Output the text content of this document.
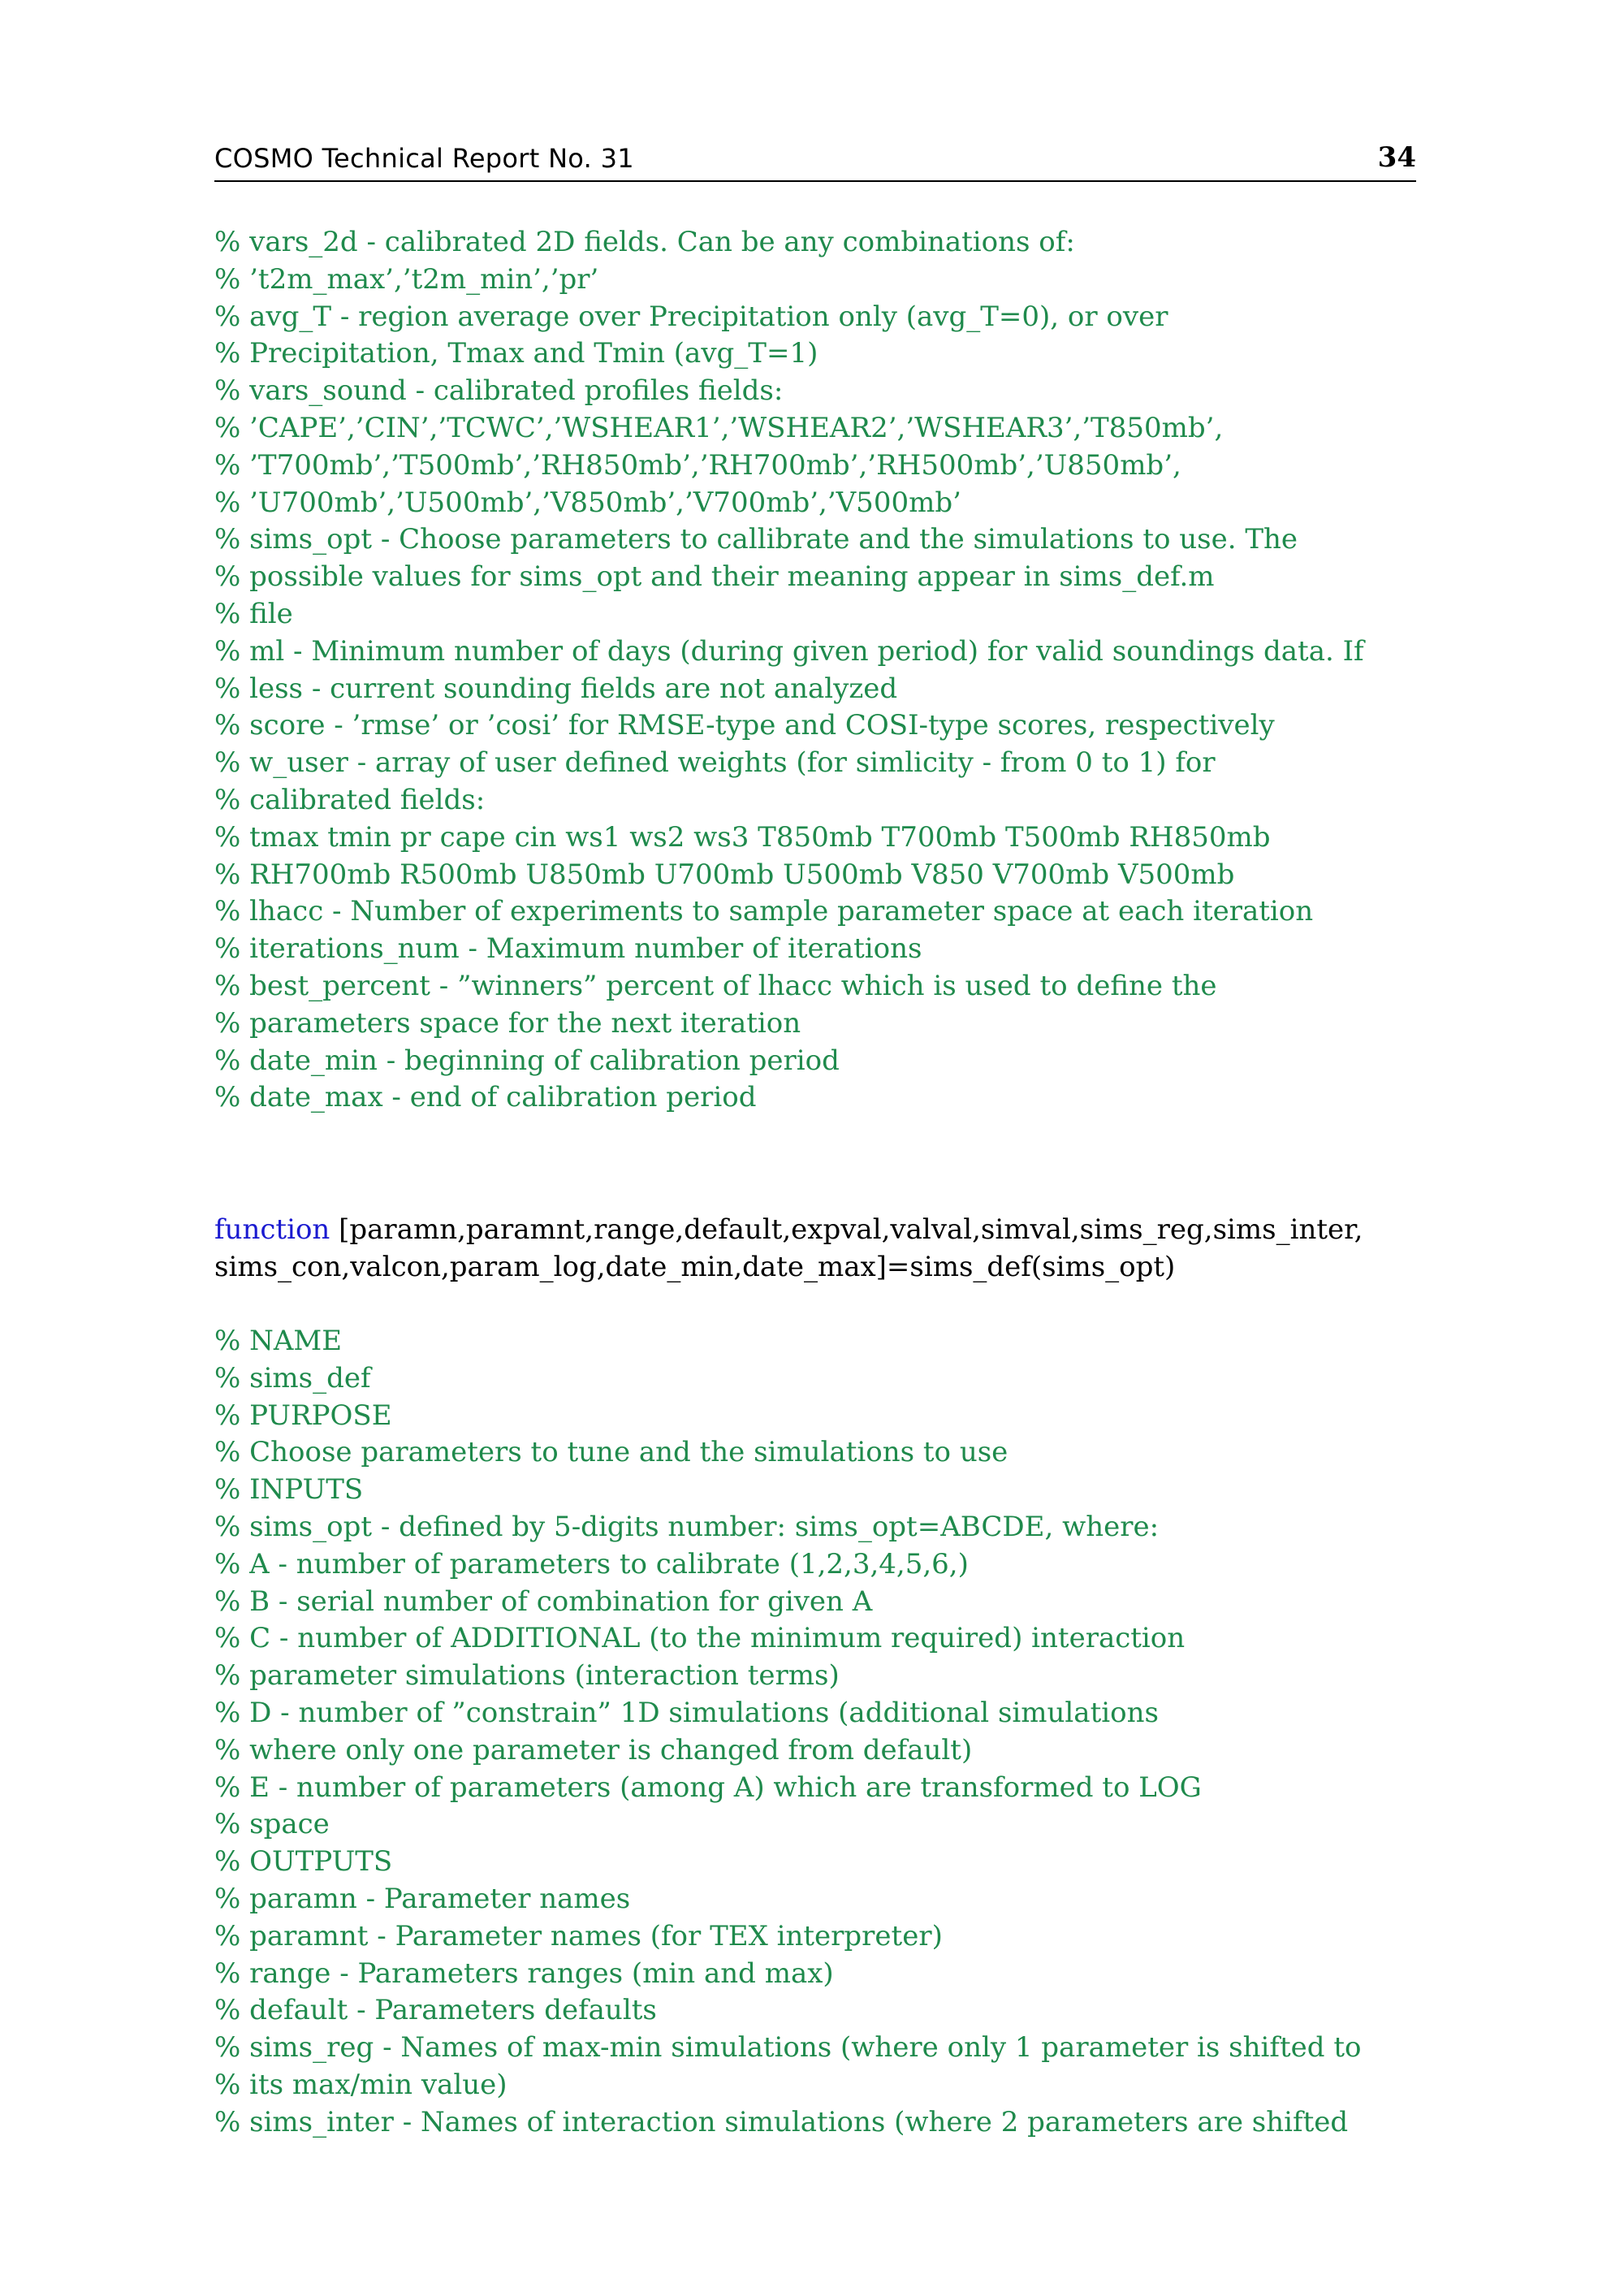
COSMO Technical Report No. 31	34
% vars_2d - calibrated 2D fields. Can be any combinations of:
% ’t2m_max’,’t2m_min’,’pr’
% avg_T - region average over Precipitation only (avg_T=0), or over
% Precipitation, Tmax and Tmin (avg_T=1)
% vars_sound - calibrated profiles fields:
% ’CAPE’,’CIN’,’TCWC’,’WSHEAR1’,’WSHEAR2’,’WSHEAR3’,’T850mb’,
% ’T700mb’,’T500mb’,’RH850mb’,’RH700mb’,’RH500mb’,’U850mb’,
% ’U700mb’,’U500mb’,’V850mb’,’V700mb’,’V500mb’
% sims_opt - Choose parameters to callibrate and the simulations to use. The
% possible values for sims_opt and their meaning appear in sims_def.m
% file
% ml - Minimum number of days (during given period) for valid soundings data. If
% less - current sounding fields are not analyzed
% score - ’rmse’ or ’cosi’ for RMSE-type and COSI-type scores, respectively
% w_user - array of user defined weights (for simlicity - from 0 to 1) for
% calibrated fields:
% tmax tmin pr cape cin ws1 ws2 ws3 T850mb T700mb T500mb RH850mb
% RH700mb R500mb U850mb U700mb U500mb V850 V700mb V500mb
% lhacc - Number of experiments to sample parameter space at each iteration
% iterations_num - Maximum number of iterations
% best_percent - ”winners” percent of lhacc which is used to define the
% parameters space for the next iteration
% date_min - beginning of calibration period
% date_max - end of calibration period
function [paramn,paramnt,range,default,expval,valval,simval,sims_reg,sims_inter,
sims_con,valcon,param_log,date_min,date_max]=sims_def(sims_opt)
% NAME
% sims_def
% PURPOSE
% Choose parameters to tune and the simulations to use
% INPUTS
% sims_opt - defined by 5-digits number: sims_opt=ABCDE, where:
% A - number of parameters to calibrate (1,2,3,4,5,6,)
% B - serial number of combination for given A
% C - number of ADDITIONAL (to the minimum required) interaction
% parameter simulations (interaction terms)
% D - number of ”constrain” 1D simulations (additional simulations
% where only one parameter is changed from default)
% E - number of parameters (among A) which are transformed to LOG
% space
% OUTPUTS
% paramn - Parameter names
% paramnt - Parameter names (for TEX interpreter)
% range - Parameters ranges (min and max)
% default - Parameters defaults
% sims_reg - Names of max-min simulations (where only 1 parameter is shifted to
% its max/min value)
% sims_inter - Names of interaction simulations (where 2 parameters are shifted
